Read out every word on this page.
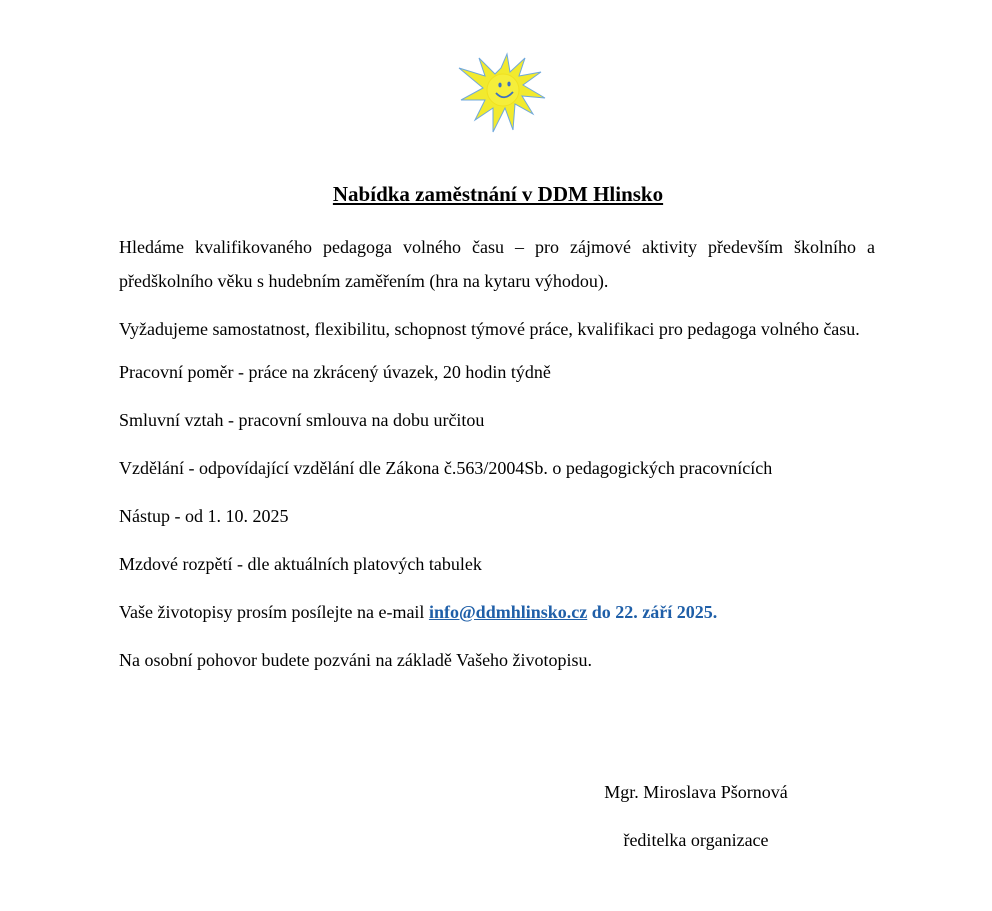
Nabídka zaměstnání v DDM Hlinsko

Hledáme kvalifikovaného pedagoga volného času – pro zájmové aktivity především školního a předškolního věku s hudebním zaměřením (hra na kytaru výhodou).

Vyžadujeme samostatnost, flexibilitu, schopnost týmové práce, kvalifikaci pro pedagoga volného času.

Pracovní poměr - práce na zkrácený úvazek, 20 hodin týdně

Smluvní vztah - pracovní smlouva na dobu určitou

Vzdělání - odpovídající vzdělání dle Zákona č.563/2004Sb. o pedagogických pracovnících

Nástup - od 1. 10. 2025

Mzdové rozpětí - dle aktuálních platových tabulek

Vaše životopisy prosím posílejte na e-mail info@ddmhlinsko.cz do 22. září 2025.

Na osobní pohovor budete pozváni na základě Vašeho životopisu.

Mgr. Miroslava Pšornová
ředitelka organizace
